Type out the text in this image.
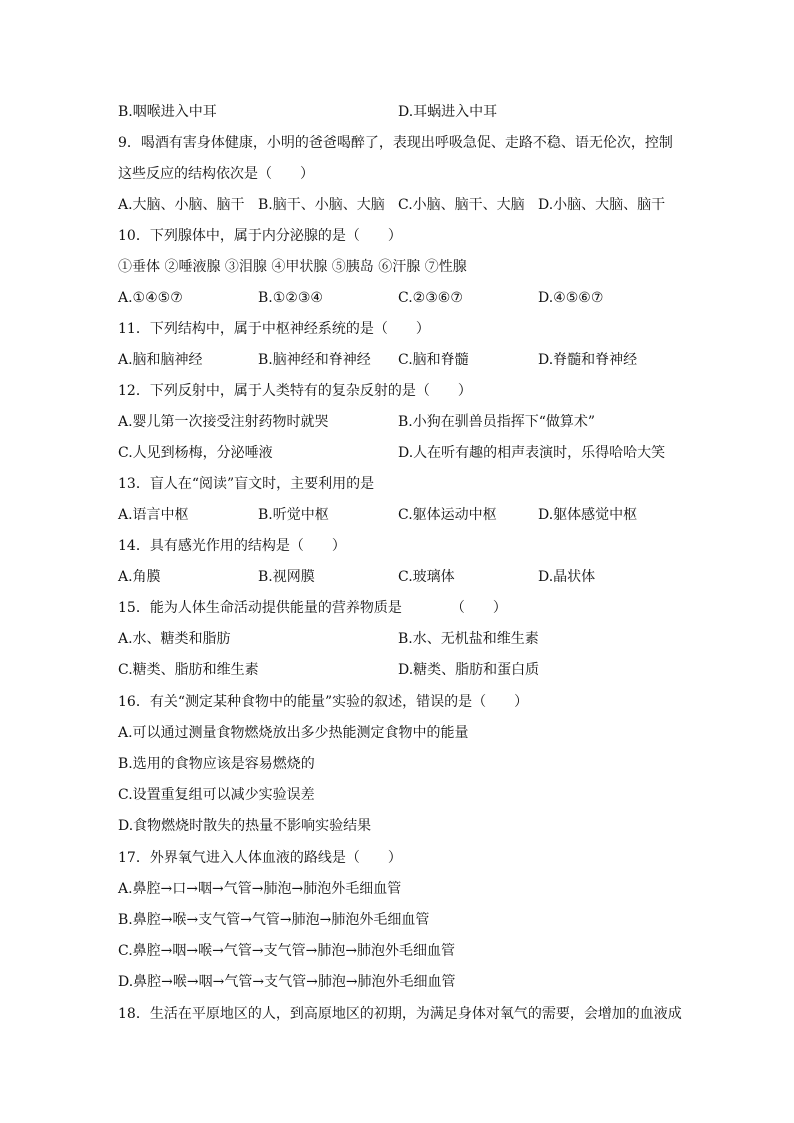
B.咽喉进入中耳	D.耳蜗进入中耳
9．喝酒有害身体健康，小明的爸爸喝醉了，表现出呼吸急促、走路不稳、语无伦次，控制
这些反应的结构依次是（　　）
A.大脑、小脑、脑干 B.脑干、小脑、大脑 C.小脑、脑干、大脑 D.小脑、大脑、脑干
10．下列腺体中，属于内分泌腺的是（　　）
①垂体 ②唾液腺 ③泪腺 ④甲状腺 ⑤胰岛 ⑥汗腺 ⑦性腺
A.①④⑤⑦	B.①②③④	C.②③⑥⑦	D.④⑤⑥⑦
11．下列结构中，属于中枢神经系统的是（　　）
A.脑和脑神经	B.脑神经和脊神经 C.脑和脊髓	D.脊髓和脊神经
12．下列反射中，属于人类特有的复杂反射的是（　　）
A.婴儿第一次接受注射药物时就哭	B.小狗在驯兽员指挥下“做算术”
C.人见到杨梅，分泌唾液	D.人在听有趣的相声表演时，乐得哈哈大笑
13．盲人在“阅读”盲文时，主要利用的是
A.语言中枢	B.听觉中枢	C.躯体运动中枢	D.躯体感觉中枢
14．具有感光作用的结构是（　　）
A.角膜	B.视网膜	C.玻璃体	D.晶状体
15．能为人体生命活动提供能量的营养物质是　　　　（　　）
A.水、糖类和脂肪	B.水、无机盐和维生素
C.糖类、脂肪和维生素	D.糖类、脂肪和蛋白质
16．有关“测定某种食物中的能量”实验的叙述，错误的是（　　）
A.可以通过测量食物燃烧放出多少热能测定食物中的能量
B.选用的食物应该是容易燃烧的
C.设置重复组可以减少实验误差
D.食物燃烧时散失的热量不影响实验结果
17．外界氧气进入人体血液的路线是（　　）
A.鼻腔→口→咽→气管→肺泡→肺泡外毛细血管
B.鼻腔→喉→支气管→气管→肺泡→肺泡外毛细血管
C.鼻腔→咽→喉→气管→支气管→肺泡→肺泡外毛细血管
D.鼻腔→喉→咽→气管→支气管→肺泡→肺泡外毛细血管
18．生活在平原地区的人，到高原地区的初期，为满足身体对氧气的需要，会增加的血液成
